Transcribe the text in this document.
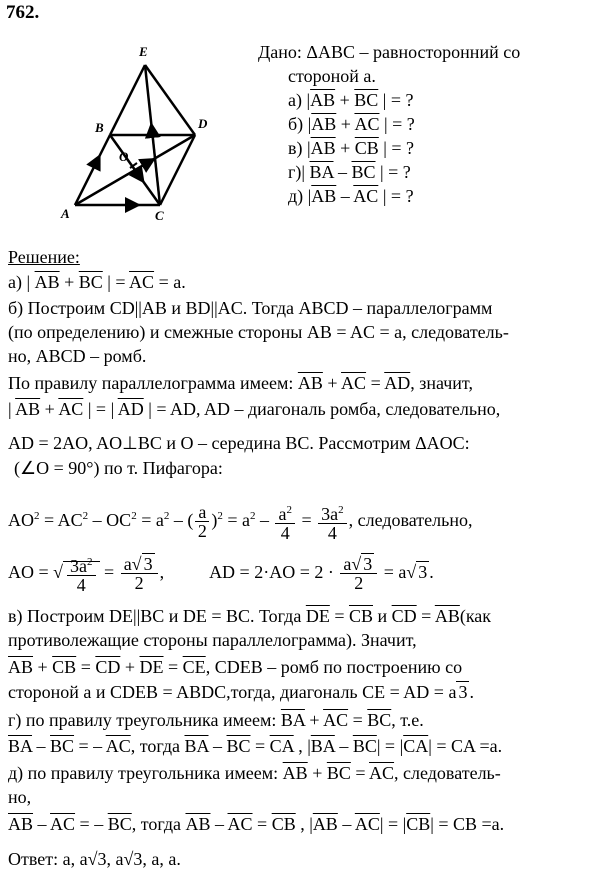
762.
A
B
C
D
E
O
Дано: ΔABC – равносторонний со
стороной a.
а) $|\overline{AB} + \overline{BC}$ | = ?
б) $|\overline{AB} + \overline{AC}$ | = ?
в) $|\overline{AB} + \overline{CB}$ | = ?
г)| $\overline{BA} - \overline{BC}$ | = ?
д) $|\overline{AB} - \overline{AC}$ | = ?
Решение:
а) | $\overline{AB} + \overline{BC}$ | = $\overline{AC} = a$.
б) Построим CD||AB и BD||AC. Тогда ABCD – параллелограмм
(по определению) и смежные стороны AB = AC = a, следователь-
но, ABCD – ромб.
По правилу параллелограмма имеем: $\overline{AB} + \overline{AC} = \overline{AD}$, значит,
| $\overline{AB} + \overline{AC}$ | = | $\overline{AD}$ | = AD, AD – диагональ ромба, следовательно,
AD = 2AO, AO⊥BC и O – середина BC. Рассмотрим ΔAOC:
(∠O = 90°) по т. Пифагора:
$AO^2 = AC^2 - OC^2 = a^2$ – ( $\frac{a}{2} )^2 = a^2 - \frac{a^2}{4} = \frac{3a^2}{4}$ , следовательно,
AO = √ $\frac{3a^2}{4} = \frac{a√ 3}{2}$ ,          AD = $2\cdot AO = 2 \cdot \frac{a√ 3}{2} = a√$ 3 .
в) Построим DE||BC и DE = BC. Тогда $\overline{DE} = \overline{CB}$ и $\overline{CD} = \overline{AB}(как$
противолежащие стороны параллелограмма). Значит,
$\overline{AB} + \overline{CB} = \overline{CD} + \overline{DE} = \overline{CE}$, CDEB – ромб по построению со
стороной a и CDEB = ABDC,тогда, диагональ CE = AD = a 3 .
г) по правилу треугольника имеем: $\overline{BA} + \overline{AC} = \overline{BC}$, т.е.
$\overline{BA} - \overline{BC}$ = – $\overline{AC}$, тогда $\overline{BA} - \overline{BC} = \overline{CA}$ , $|\overline{BA} - \overline{BC}| = |\overline{CA}|$ = CA =a.
д) по правилу треугольника имеем: $\overline{AB} + \overline{BC} = \overline{AC}$, следователь-
но,
$\overline{AB} - \overline{AC}$ = – $\overline{BC}$, тогда $\overline{AB} - \overline{AC} = \overline{CB}$ , $|\overline{AB} - \overline{AC}| = |\overline{CB}|$ = CB =a.
Ответ: a, a√3, a√3, a, a.
